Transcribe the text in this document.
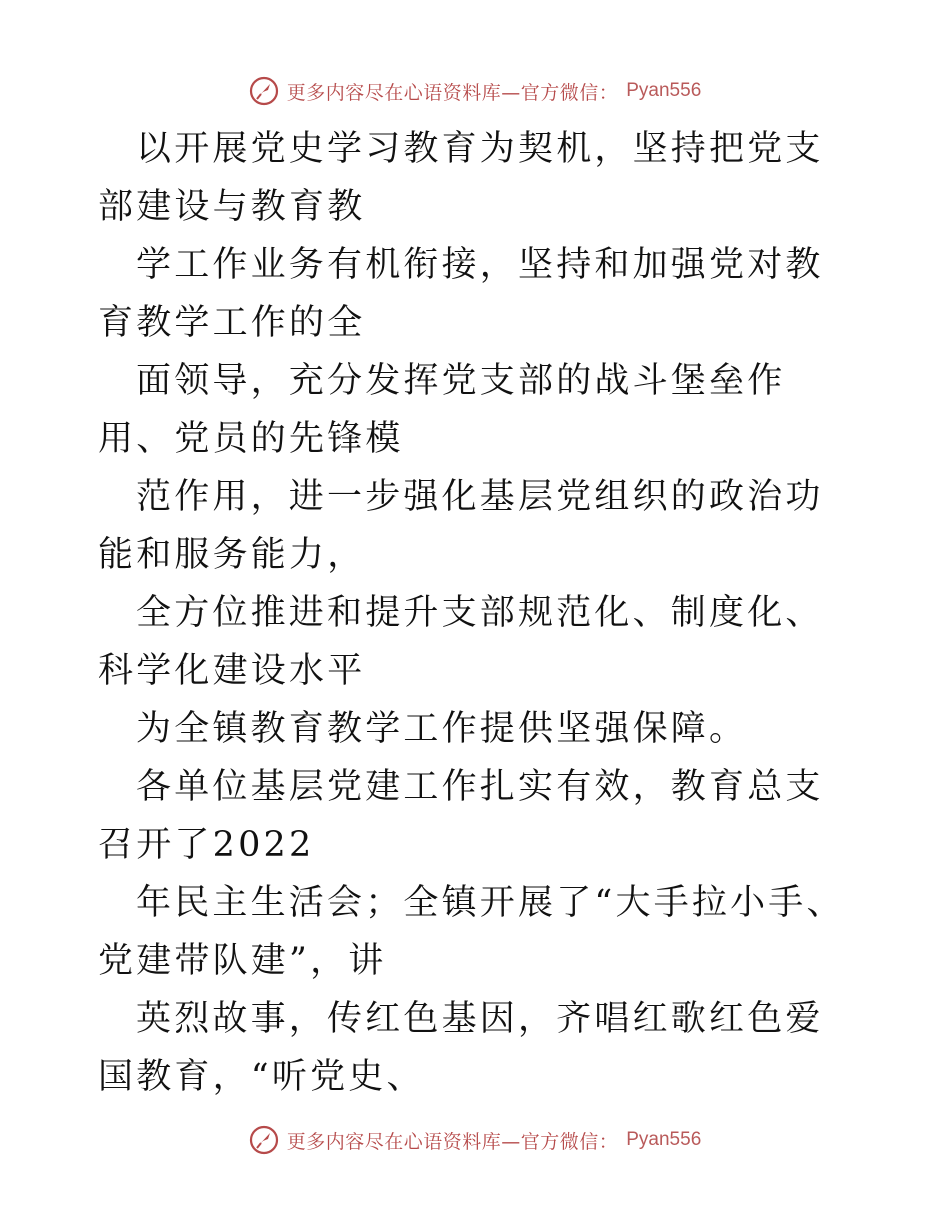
更多内容尽在心语资料库—官方微信： Pyan556

以开展党史学习教育为契机，坚持把党支部建设与教育教

学工作业务有机衔接，坚持和加强党对教育教学工作的全

面领导，充分发挥党支部的战斗堡垒作用、党员的先锋模

范作用，进一步强化基层党组织的政治功能和服务能力，

全方位推进和提升支部规范化、制度化、科学化建设水平

为全镇教育教学工作提供坚强保障。

各单位基层党建工作扎实有效，教育总支召开了2022

年民主生活会；全镇开展了“大手拉小手、党建带队建”，讲

英烈故事，传红色基因，齐唱红歌红色爱国教育，“听党史、

更多内容尽在心语资料库—官方微信： Pyan556
